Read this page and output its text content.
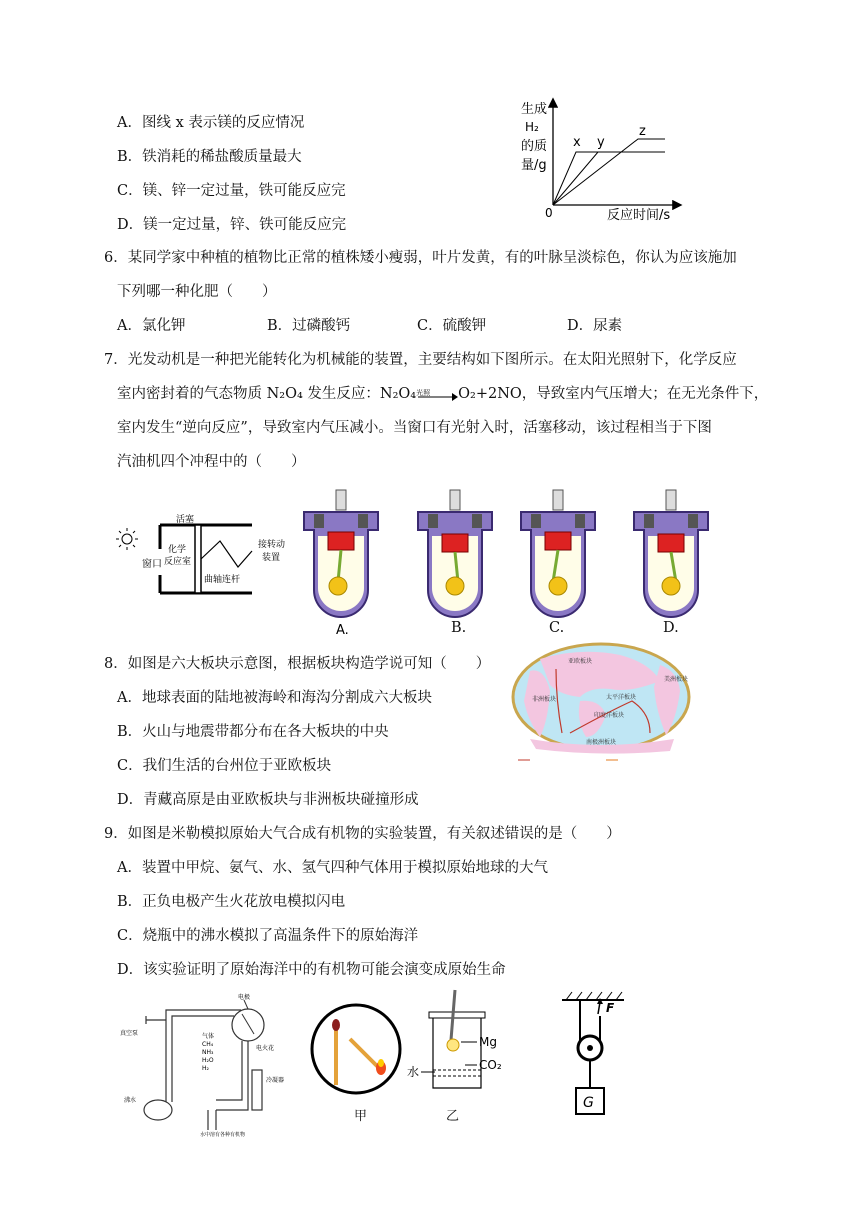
A．图线 x 表示镁的反应情况
B．铁消耗的稀盐酸质量最大
C．镁、锌一定过量，铁可能反应完
D．镁一定过量，锌、铁可能反应完
生成
H₂
的质
量/g
0	反应时间/s
x y
z
6．某同学家中种植的植物比正常的植株矮小瘦弱，叶片发黄，有的叶脉呈淡棕色，你认为应该施加
下列哪一种化肥（　　）
A．氯化钾	B．过磷酸钙	C．硫酸钾	D．尿素
7．光发动机是一种把光能转化为机械能的装置，主要结构如下图所示。在太阳光照射下，化学反应
室内密封着的气态物质 N₂O₄ 发生反应：N₂O₄ 光照 O₂+2NO，导致室内气压增大；在无光条件下，
室内发生“逆向反应”，导致室内气压减小。当窗口有光射入时，活塞移动，该过程相当于下图
汽油机四个冲程中的（　　）
窗口
活塞
化学
反应室
曲轴连杆
接转动
装置
A.	B.	C.	D.
8．如图是六大板块示意图，根据板块构造学说可知（　　）
A．地球表面的陆地被海岭和海沟分割成六大板块
B．火山与地震带都分布在各大板块的中央
C．我们生活的台州位于亚欧板块
D．青藏高原是由亚欧板块与非洲板块碰撞形成
亚欧板块
太平洋板块
印度洋板块
南极洲板块
美洲板块
非洲板块
9．如图是米勒模拟原始大气合成有机物的实验装置，有关叙述错误的是（　　）
A．装置中甲烷、氨气、水、氢气四种气体用于模拟原始地球的大气
B．正负电极产生火花放电模拟闪电
C．烧瓶中的沸水模拟了高温条件下的原始海洋
D．该实验证明了原始海洋中的有机物可能会演变成原始生命
电极
真空泵	气体
CH₄
NH₃
H₂O
H₂
电火花
冷凝器
沸水
水中溶有各种有机物
甲
Mg
CO₂
水
乙
F
G
